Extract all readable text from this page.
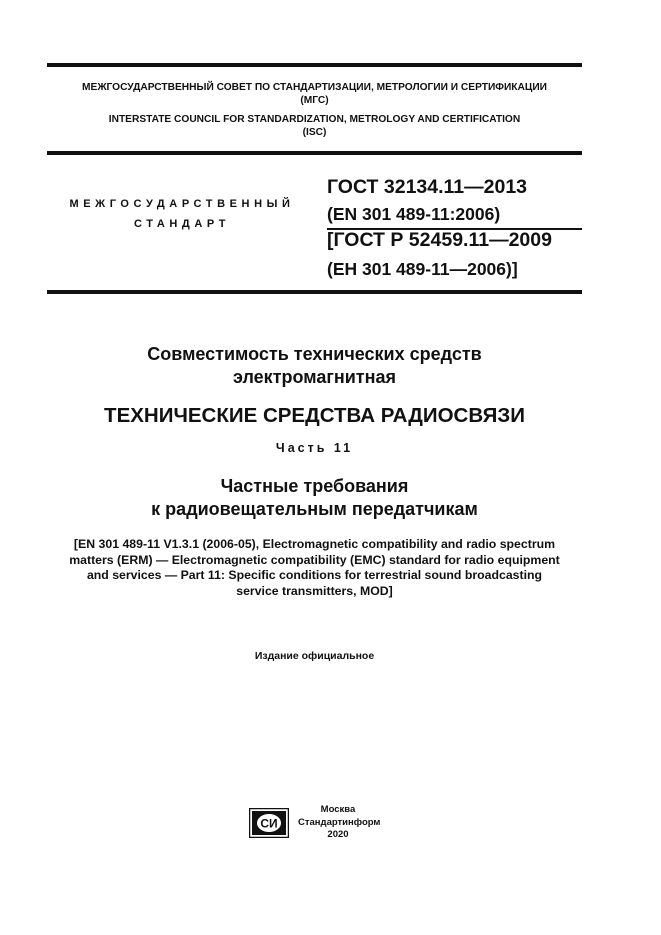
МЕЖГОСУДАРСТВЕННЫЙ СОВЕТ ПО СТАНДАРТИЗАЦИИ, МЕТРОЛОГИИ И СЕРТИФИКАЦИИ
(МГС)
INTERSTATE COUNCIL FOR STANDARDIZATION, METROLOGY AND CERTIFICATION
(ISC)
МЕЖГОСУДАРСТВЕННЫЙ
СТАНДАРТ
ГОСТ 32134.11—2013
(EN 301 489-11:2006)
[ГОСТ Р 52459.11—2009
(ЕН 301 489-11—2006)]
Совместимость технических средств
электромагнитная
ТЕХНИЧЕСКИЕ СРЕДСТВА РАДИОСВЯЗИ
Часть 11
Частные требования
к радиовещательным передатчикам
[EN 301 489-11 V1.3.1 (2006-05), Electromagnetic compatibility and radio spectrum
matters (ERM) — Electromagnetic compatibility (EMC) standard for radio equipment
and services — Part 11: Specific conditions for terrestrial sound broadcasting
service transmitters, MOD]
Издание официальное
СИ
Москва
Стандартинформ
2020
